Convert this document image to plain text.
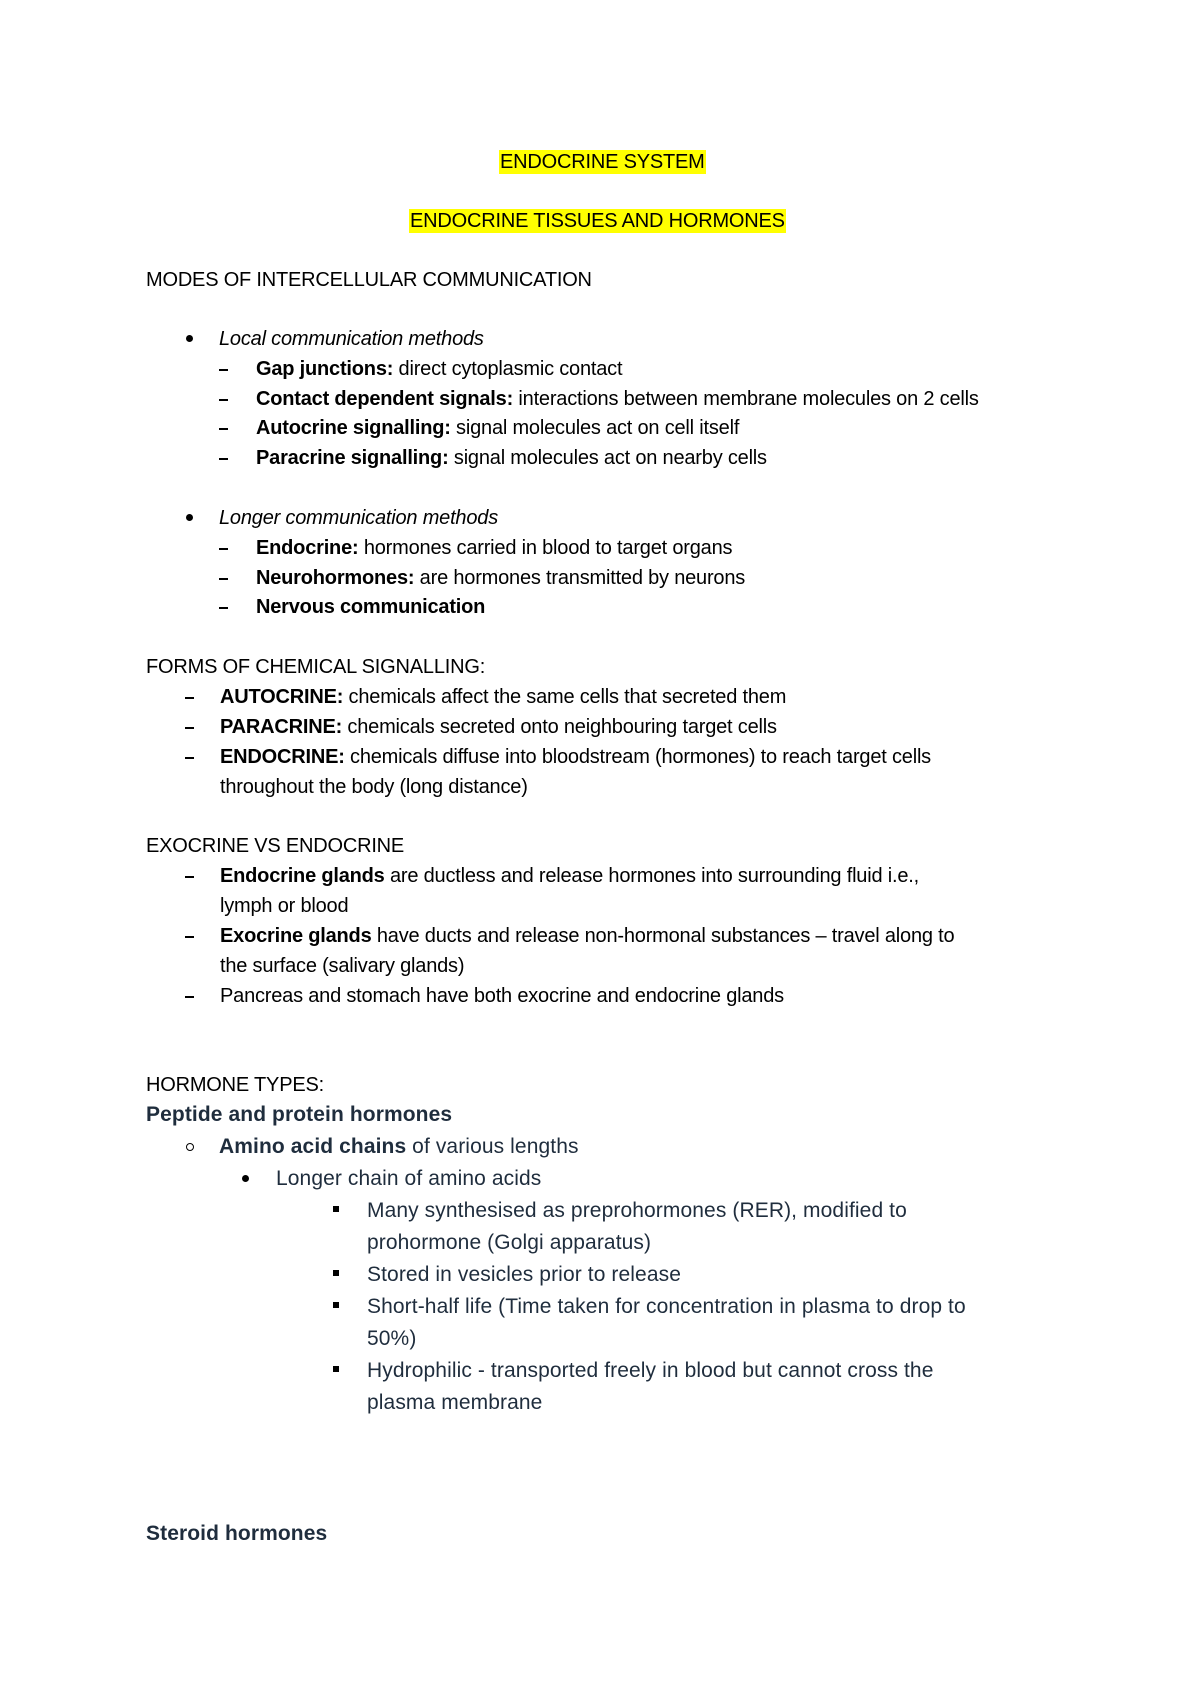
ENDOCRINE SYSTEM
ENDOCRINE TISSUES AND HORMONES
MODES OF INTERCELLULAR COMMUNICATION
Local communication methods
Gap junctions: direct cytoplasmic contact
Contact dependent signals: interactions between membrane molecules on 2 cells
Autocrine signalling: signal molecules act on cell itself
Paracrine signalling: signal molecules act on nearby cells
Longer communication methods
Endocrine: hormones carried in blood to target organs
Neurohormones: are hormones transmitted by neurons
Nervous communication
FORMS OF CHEMICAL SIGNALLING:
AUTOCRINE: chemicals affect the same cells that secreted them
PARACRINE: chemicals secreted onto neighbouring target cells
ENDOCRINE: chemicals diffuse into bloodstream (hormones) to reach target cells
throughout the body (long distance)
EXOCRINE VS ENDOCRINE
Endocrine glands are ductless and release hormones into surrounding fluid i.e.,
lymph or blood
Exocrine glands have ducts and release non-hormonal substances – travel along to
the surface (salivary glands)
Pancreas and stomach have both exocrine and endocrine glands
HORMONE TYPES:
Peptide and protein hormones
Amino acid chains of various lengths
Longer chain of amino acids
Many synthesised as preprohormones (RER), modified to
prohormone (Golgi apparatus)
Stored in vesicles prior to release
Short-half life (Time taken for concentration in plasma to drop to
50%)
Hydrophilic - transported freely in blood but cannot cross the
plasma membrane
Steroid hormones
